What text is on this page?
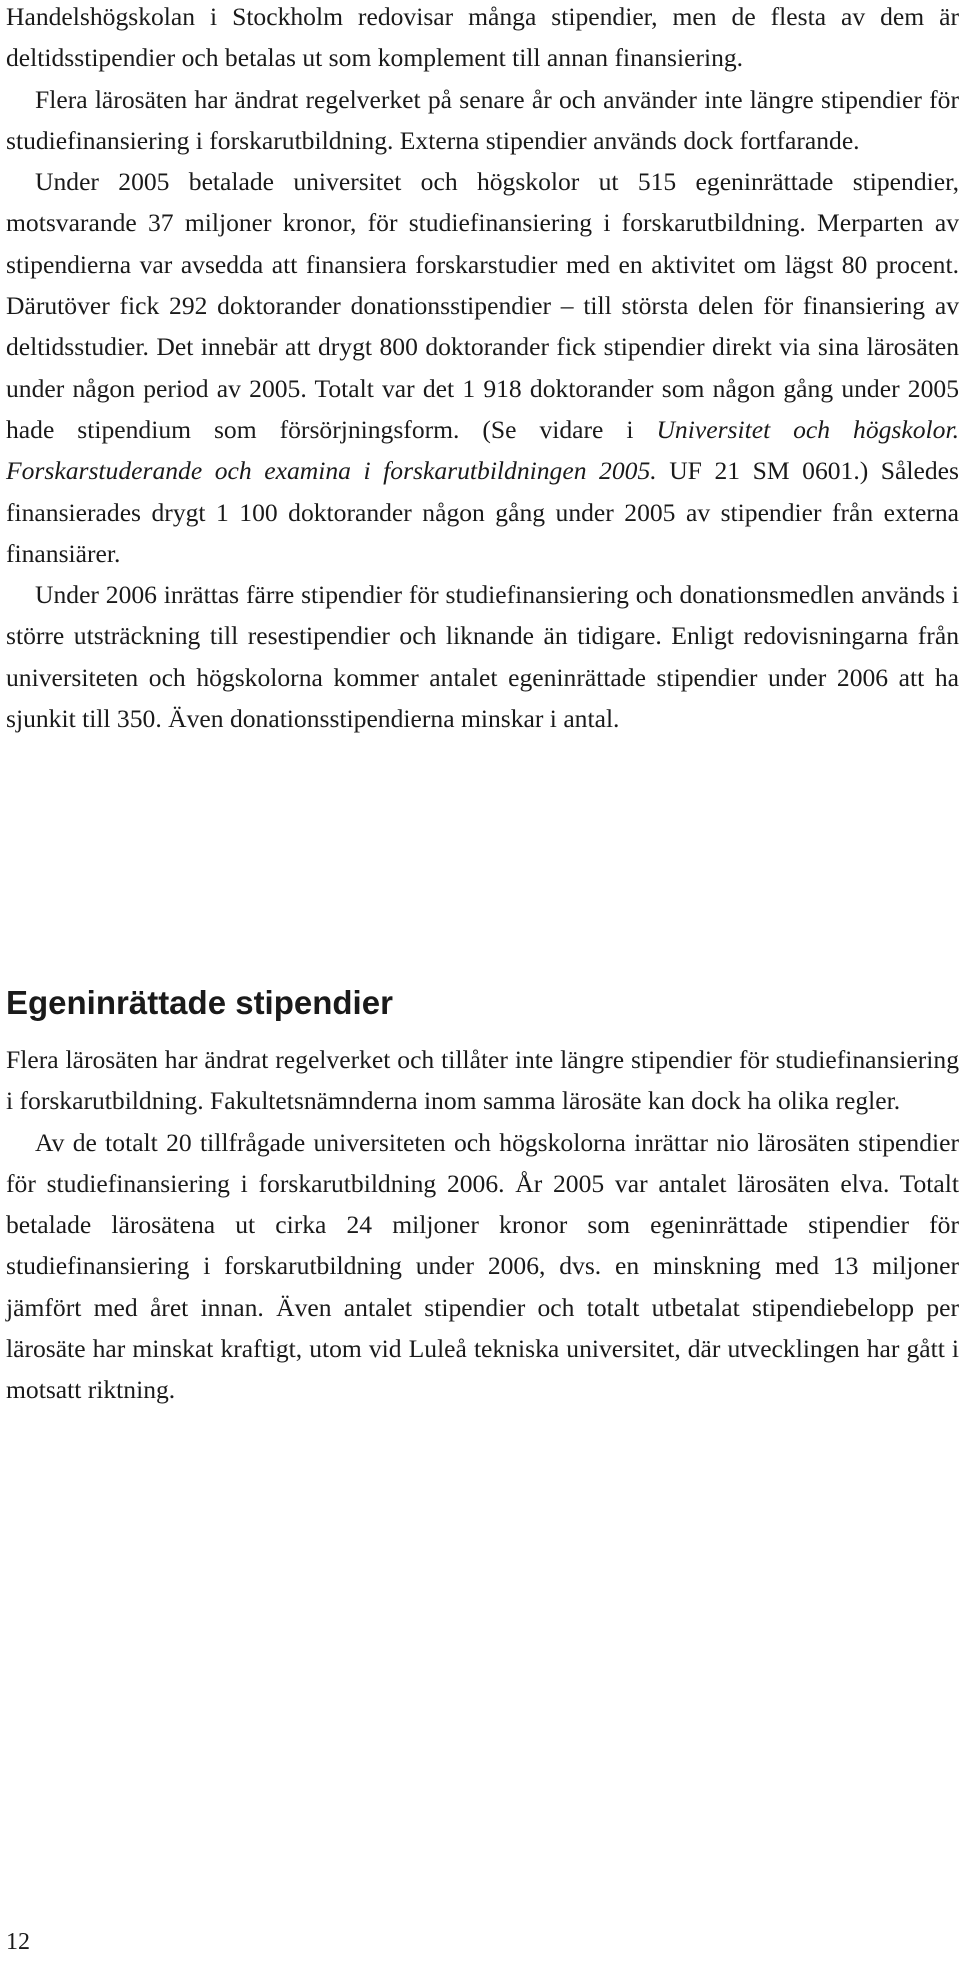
Handelshögskolan i Stockholm redovisar många stipendier, men de flesta av dem är deltidsstipendier och betalas ut som komplement till annan finansiering.

Flera lärosäten har ändrat regelverket på senare år och använder inte längre stipendier för studiefinansiering i forskarutbildning. Externa stipendier används dock fortfarande.

Under 2005 betalade universitet och högskolor ut 515 egeninrättade stipendier, motsvarande 37 miljoner kronor, för studiefinansiering i forskarutbildning. Merparten av stipendierna var avsedda att finansiera forskarstudier med en aktivitet om lägst 80 procent. Därutöver fick 292 doktorander donationsstipendier – till största delen för finansiering av deltidsstudier. Det innebär att drygt 800 doktorander fick stipendier direkt via sina lärosäten under någon period av 2005. Totalt var det 1 918 doktorander som någon gång under 2005 hade stipendium som försörjningsform. (Se vidare i Universitet och högskolor. Forskarstuderande och examina i forskarutbildningen 2005. UF 21 SM 0601.) Således finansierades drygt 1 100 doktorander någon gång under 2005 av stipendier från externa finansiärer.

Under 2006 inrättas färre stipendier för studiefinansiering och donationsmedlen används i större utsträckning till resestipendier och liknande än tidigare. Enligt redovisningarna från universiteten och högskolorna kommer antalet egeninrättade stipendier under 2006 att ha sjunkit till 350. Även donationsstipendierna minskar i antal.

Egeninrättade stipendier

Flera lärosäten har ändrat regelverket och tillåter inte längre stipendier för studiefinansiering i forskarutbildning. Fakultetsnämnderna inom samma lärosäte kan dock ha olika regler.

Av de totalt 20 tillfrågade universiteten och högskolorna inrättar nio lärosäten stipendier för studiefinansiering i forskarutbildning 2006. År 2005 var antalet lärosäten elva. Totalt betalade lärosätena ut cirka 24 miljoner kronor som egeninrättade stipendier för studiefinansiering i forskarutbildning under 2006, dvs. en minskning med 13 miljoner jämfört med året innan. Även antalet stipendier och totalt utbetalat stipendiebelopp per lärosäte har minskat kraftigt, utom vid Luleå tekniska universitet, där utvecklingen har gått i motsatt riktning.

12
